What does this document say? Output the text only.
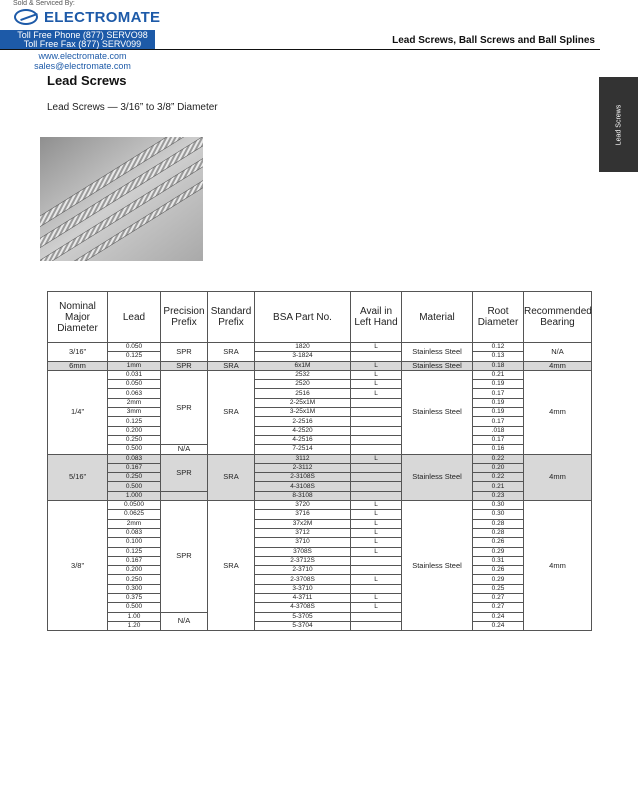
Sold & Serviced By:
ELECTROMATE
Toll Free Phone (877) SERVO98
Toll Free Fax (877) SERV099
www.electromate.com
sales@electromate.com
Lead Screws, Ball Screws and Ball Splines
Lead Screws
Lead Screws
Lead Screws — 3/16” to 3/8” Diameter
Nominal Major Diameter	Lead	Precision Prefix	Standard Prefix	BSA Part No.	Avail in Left Hand	Material	Root Diameter	Recommended Bearing
3/16”	0.050	SPR	SRA	1820	L	Stainless Steel	0.12	N/A
	0.125			3-1824			0.13	
6mm	1mm	SPR	SRA	6x1M	L	Stainless Steel	0.18	4mm
1/4”	0.031	SPR	SRA	2532	L	Stainless Steel	0.21	4mm
	0.050			2520	L		0.19	
	0.063			2516	L		0.17	
	2mm			2-25x1M			0.19	
	3mm			3-25x1M			0.19	
	0.125			2-2516			0.17	
	0.200			4-2520			.018	
	0.250			4-2516			0.17	
	0.500	N/A		7-2514			0.16	
5/16”	0.083	SPR	SRA	3112	L	Stainless Steel	0.22	4mm
	0.167			2-3112			0.20	
	0.250			2-3108S			0.22	
	0.500			4-3108S			0.21	
	1.000			8-3108			0.23	
3/8”	0.0500	SPR	SRA	3720	L	Stainless Steel	0.30	4mm
	0.0625			3716	L		0.30	
	2mm			37x2M	L		0.28	
	0.083			3712	L		0.28	
	0.100			3710	L		0.26	
	0.125			3708S	L		0.29	
	0.167			2-3712S			0.31	
	0.200			2-3710			0.26	
	0.250			2-3708S	L		0.29	
	0.300			3-3710			0.25	
	0.375			4-3711	L		0.27	
	0.500			4-3708S	L		0.27	
	1.00	N/A		5-3705			0.24	
	1.20			5-3704			0.24	
